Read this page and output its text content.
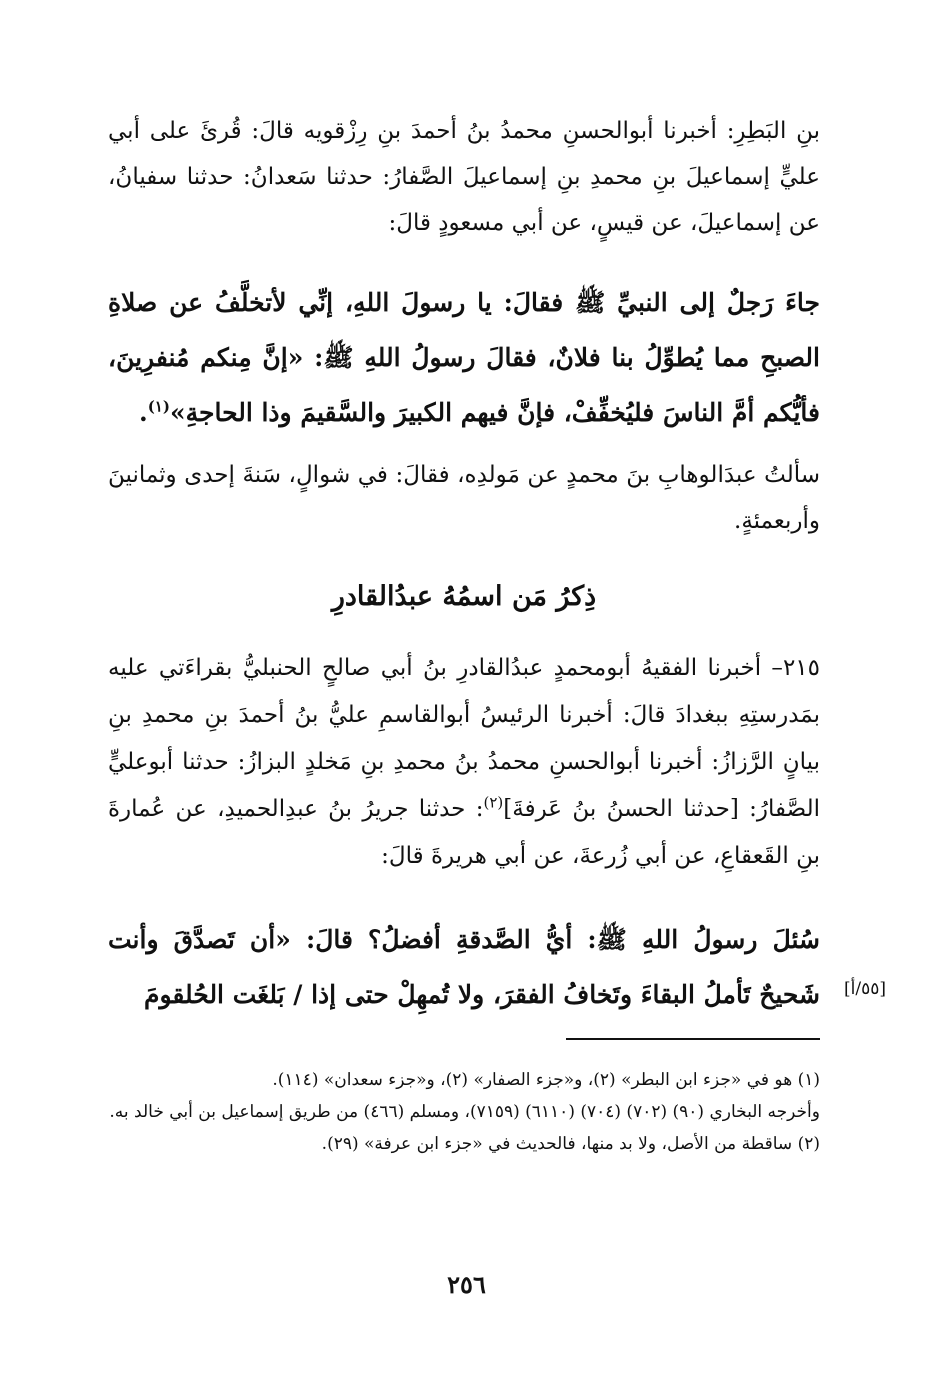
بنِ البَطِرِ: أخبرنا أبوالحسنِ محمدُ بنُ أحمدَ بنِ رِزْقويه قالَ: قُرئَ على أبي عليٍّ إسماعيلَ بنِ محمدِ بنِ إسماعيلَ الصَّفارُ: حدثنا سَعدانُ: حدثنا سفيانُ، عن إسماعيلَ، عن قيسٍ، عن أبي مسعودٍ قالَ:

جاءَ رَجلٌ إلى النبيِّ ﷺ فقالَ: يا رسولَ اللهِ، إنِّي لأتخلَّفُ عن صلاةِ الصبحِ مما يُطوِّلُ بنا فلانٌ، فقالَ رسولُ اللهِ ﷺ: «إنَّ مِنكم مُنفرِينَ، فأيُّكم أمَّ الناسَ فليُخفِّفْ، فإنَّ فيهم الكبيرَ والسَّقيمَ وذا الحاجةِ»$^{(١)}$.

سألتُ عبدَالوهابِ بنَ محمدٍ عن مَولدِه، فقالَ: في شوالٍ، سَنةَ إحدى وثمانينَ وأربعمئةٍ.

ذِكرُ مَن اسمُهُ عبدُالقادرِ

٢١٥– أخبرنا الفقيهُ أبومحمدٍ عبدُالقادرِ بنُ أبي صالحٍ الحنبليُّ بقراءَتي عليه بمَدرستِهِ ببغدادَ قالَ: أخبرنا الرئيسُ أبوالقاسمِ عليُّ بنُ أحمدَ بنِ محمدِ بنِ بيانٍ الرَّزازُ: أخبرنا أبوالحسنِ محمدُ بنُ محمدِ بنِ مَخلدٍ البزازُ: حدثنا أبوعليٍّ الصَّفارُ: [حدثنا الحسنُ بنُ عَرفةَ]$^{(٢)}$: حدثنا جريرُ بنُ عبدِالحميدِ، عن عُمارةَ بنِ القَعقاعِ، عن أبي زُرعةَ، عن أبي هريرةَ قالَ:

سُئلَ رسولُ اللهِ ﷺ: أيُّ الصَّدقةِ أفضلُ؟ قالَ: «أن تَصدَّقَ وأنت شَحيحٌ تَأملُ البقاءَ وتَخافُ الفقرَ، ولا تُمهِلْ حتى إذا / بَلغَت الحُلقومَ	[٥٥/أ]

(١) هو في «جزء ابن البطر» (٢)، و«جزء الصفار» (٢)، و«جزء سعدان» (١١٤).

وأخرجه البخاري (٩٠) (٧٠٢) (٧٠٤) (٦١١٠) (٧١٥٩)، ومسلم (٤٦٦) من طريق إسماعيل بن أبي خالد به.

(٢) ساقطة من الأصل، ولا بد منها، فالحديث في «جزء ابن عرفة» (٢٩).

٢٥٦
